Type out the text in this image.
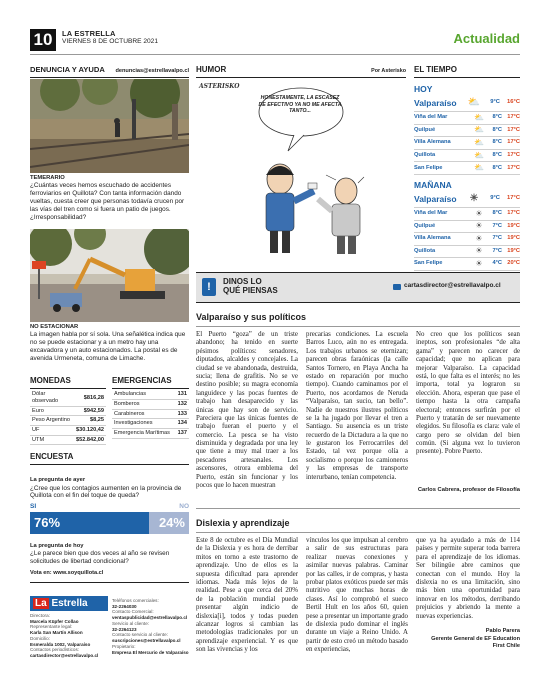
10	LA ESTRELLA
VIERNES 8 DE OCTUBRE 2021	Actualidad
DENUNCIA Y AYUDA denuncias@estrellavalpo.cl
TEMERARIO
¿Cuántas veces hemos escuchado de accidentes ferroviarios en Quillota? Con tanta información dando vueltas, cuesta creer que personas todavía crucen por las vías del tren como si fuera un patio de juegos. ¿Irresponsabilidad?
NO ESTACIONAR
La imagen habla por sí sola. Una señalética indica que no se puede estacionar y a un metro hay una excavadora y un auto estacionados. La postal es de avenida Urmeneta, comuna de Limache.
MONEDAS
Dólar observado	$816,28
Euro	$942,59
Peso Argentino	$8,25
UF	$30.120,42
UTM	$52.842,00
EMERGENCIAS
Ambulancias	131
Bomberos	132
Carabineros	133
Investigaciones	134
Emergencia Marítimas	137
ENCUESTA
La pregunta de ayer
¿Cree que los contagios aumenten en la provincia de Quillota con el fin del toque de queda?
SI	NO
76%	24%
La pregunta de hoy
¿Le parece bien que dos veces al año se revisen solicitudes de libertad condicional?
Vota en: www.soyquillota.cl
La Estrella
Directora:
Marcela Küpfer Collao
Representante legal:
Karla San Martín Allison
Domicilio:
Esmeralda 1002, Valparaíso
Contactos periodísticos:
cartasdirector@estrellavalpo.cl
Teléfonos comerciales:
32-2264030
Contacto Comercial:
ventaspublicidad@estrellavalpo.cl
Servicio al cliente:
32-2264123
Contacto servicio al cliente:
suscripciones@estrellavalpo.cl
Propietario:
Empresa El Mercurio de Valparaíso
HUMOR	Por Asterisko
HONESTAMENTE, LA ESCASEZ DE EFECTIVO YA NO ME AFECTA TANTO...
ASTERISKO
EL TIEMPO
HOY
Valparaíso	⛅	9°C	16°C
Viña del Mar	⛅	8°C 17°C
Quilpué	⛅	8°C 17°C
Villa Alemana	⛅	8°C 17°C
Quillota	⛅	8°C 17°C
San Felipe	⛅	8°C 17°C
MAÑANA
Valparaíso	☀	9°C	17°C
Viña del Mar	☀	8°C 17°C
Quilpué	☀	7°C 19°C
Villa Alemana	☀	7°C 19°C
Quillota	☀	7°C 19°C
San Felipe	☀	4°C 20°C
!	DINOS LO
QUÉ PIENSAS
cartasdirector@estrellavalpo.cl
Valparaíso y sus políticos
El Puerto “goza” de un triste abandono; ha tenido en suerte pésimos políticos: senadores, diputados, alcaldes y concejales. La ciudad se ve abandonada, destruida, sucia; llena de grafitis. No se ve destino posible; su magra economía languidece y las pocas fuentes de trabajo han desaparecido y las únicas que hay son de servicio. Pareciera que las únicas fuentes de trabajo fueran el puerto y el comercio. La pesca se ha visto disminuida y degradada por una ley que tiene a muy mal traer a los pescadores artesanales. Los ascensores, otrora emblema del Puerto, están sin funcionar y los pocos que lo hacen muestran
precarias condiciones. La escuela Barros Luco, aún no es entregada. Los trabajos urbanos se eternizan; parecen obras faraónicas (la calle Santos Tornero, en Playa Ancha ha estado en reparación por mucho tiempo). Cuando caminamos por el Puerto, nos acordamos de Neruda “Valparaíso, tan sucio, tan bello”. Nadie de nuestros ilustres políticos se la ha jugado por llevar el tren a Santiago. Su ausencia es un triste recuerdo de la Dictadura a la que no le gustaron los Ferrocarriles del Estado, tal vez porque olía a socialismo o porque los camioneros y las empresas de transporte interurbano, tenían competencia.
No creo que los políticos sean ineptos, son profesionales “de alta gama” y parecen no carecer de capacidad; que no aplican para mejorar Valparaíso. La capacidad está, lo que falta es el interés; no les importa, total ya lograron su elección. Ahora, esperan que pase el tiempo hasta la otra campaña electoral; entonces surfirán por el Puerto y tratarán de ser nuevamente elegidos. Su filosofía es clara: vale el cargo pero se olvidan del bien común. (Si alguna vez lo tuvieron presente). Pobre Puerto.
Carlos Cabrera, profesor de Filosofía
Dislexia y aprendizaje
Este 8 de octubre es el Día Mundial de la Dislexia y es hora de derribar mitos en torno a este trastorno de aprendizaje. Uno de ellos es la supuesta dificultad para aprender idiomas. Nada más lejos de la realidad. Pese a que cerca del 20% de la población mundial puede presentar algún indicio de dislexia[i], todos y todas pueden alcanzar logros si cambian las metodologías tradicionales por un aprendizaje experiencial. Y es que son las vivencias y los
vínculos los que impulsan al cerebro a salir de sus estructuras para realizar nuevas conexiones y asimilar nuevas palabras. Caminar por las calles, ir de compras, y hasta probar platos exóticos puede ser más nutritivo que muchas horas de clases. Así lo comprobó el sueco Bertil Hult en los años 60, quien pese a presentar un importante grado de dislexia pudo dominar el inglés durante un viaje a Reino Unido. A partir de esto creó un método basado en experiencias,
que ya ha ayudado a más de 114 países y permite superar toda barrera para el aprendizaje de los idiomas. Ser bilingüe abre caminos que conectan con el mundo. Hoy la dislexia no es una limitación, sino más bien una oportunidad para innovar en los métodos, derribando prejuicios y abriendo la mente a nuevas experiencias.
Pablo Parera
Gerente General de EF Education
First Chile
